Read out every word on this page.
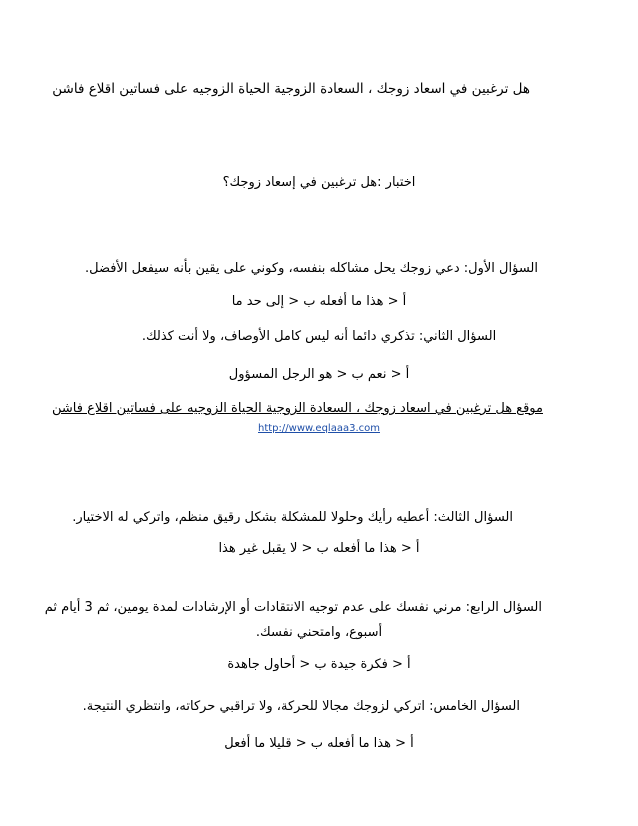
هل ترغبين في اسعاد زوجك ، السعادة الزوجية الحياة الزوجيه على فساتين اقلاع فاشن
اختبار :هل ترغبين في إسعاد زوجك؟
السؤال الأول: دعي زوجك يحل مشاكله بنفسه، وكوني على يقين بأنه سيفعل الأفضل.
أ < هذا ما أفعله ب < إلى حد ما
السؤال الثاني: تذكري دائما أنه ليس كامل الأوصاف، ولا أنت كذلك.
أ < نعم ب < هو الرجل المسؤول
موقع هل ترغبين في اسعاد زوجك ، السعادة الزوجية الحياة الزوجيه على فساتين اقلاع فاشن
http://www.eqlaaa3.com
السؤال الثالث: أعطيه رأيك وحلولا للمشكلة بشكل رقيق منظم، واتركي له الاختيار.
أ < هذا ما أفعله ب < لا يقبل غير هذا
السؤال الرابع: مرني نفسك على عدم توجيه الانتقادات أو الإرشادات لمدة يومين، ثم 3 أيام ثم
أسبوع، وامتحني نفسك.
أ < فكرة جيدة ب < أحاول جاهدة
السؤال الخامس: اتركي لزوجك مجالا للحركة، ولا تراقبي حركاته، وانتظري النتيجة.
أ < هذا ما أفعله ب < قليلا ما أفعل
